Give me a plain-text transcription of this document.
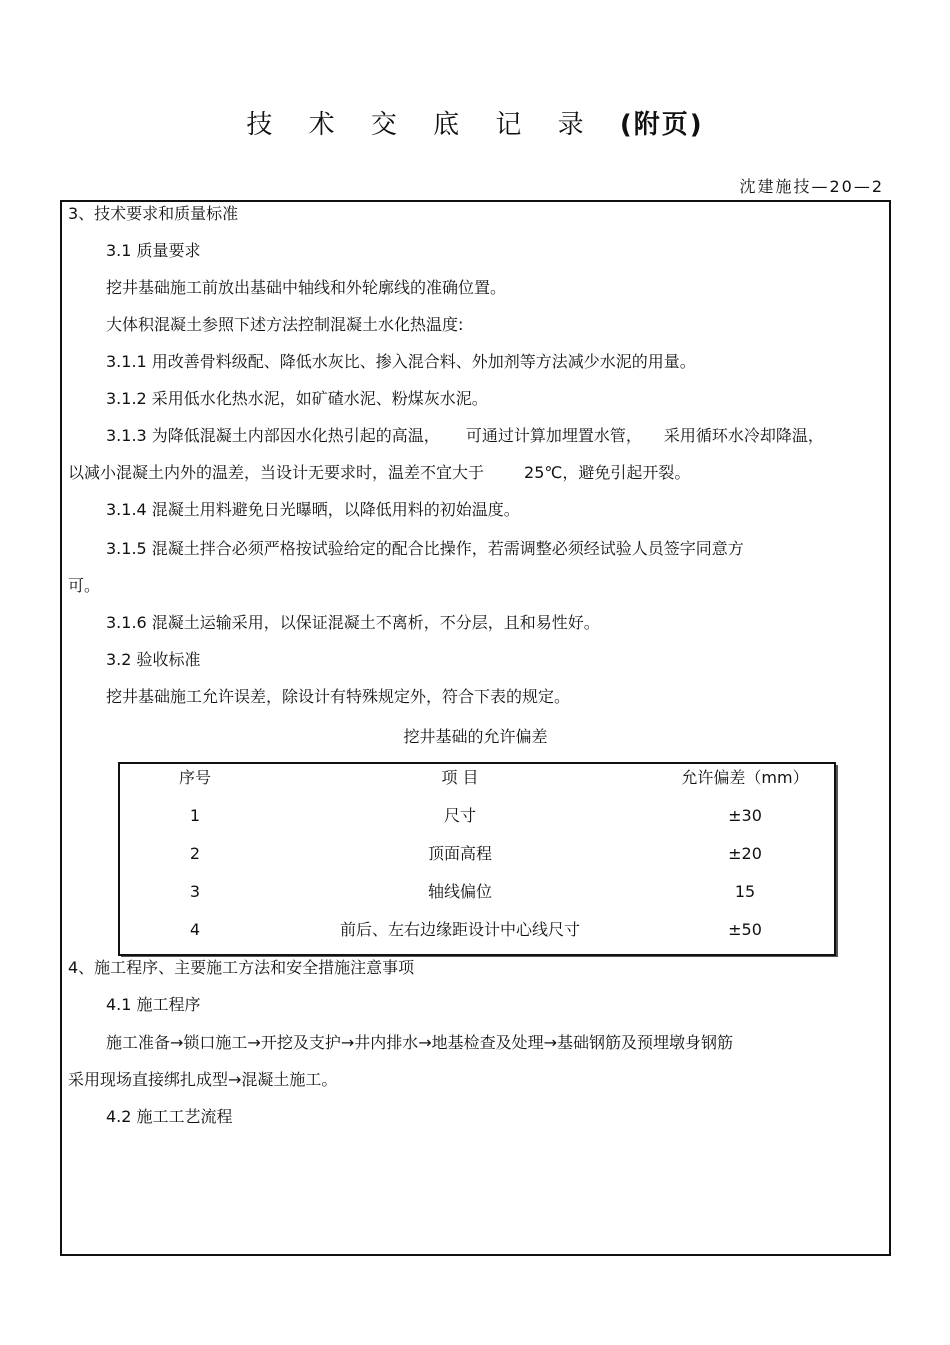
技 术 交 底 记 录 (附页)
沈建施技—20—2
3、技术要求和质量标准
3.1 质量要求
挖井基础施工前放出基础中轴线和外轮廓线的准确位置。
大体积混凝土参照下述方法控制混凝土水化热温度:
3.1.1 用改善骨料级配、降低水灰比、掺入混合料、外加剂等方法减少水泥的用量。
3.1.2 采用低水化热水泥，如矿碴水泥、粉煤灰水泥。
3.1.3 为降低混凝土内部因水化热引起的高温， 可通过计算加埋置水管， 采用循环水冷却降温，
以减小混凝土内外的温差，当设计无要求时，温差不宜大于	25℃，避免引起开裂。
3.1.4 混凝土用料避免日光曝晒，以降低用料的初始温度。
3.1.5 混凝土拌合必须严格按试验给定的配合比操作，若需调整必须经试验人员签字同意方
可。
3.1.6 混凝土运输采用，以保证混凝土不离析，不分层，且和易性好。
3.2 验收标准
挖井基础施工允许误差，除设计有特殊规定外，符合下表的规定。
挖井基础的允许偏差
序号	项 目	允许偏差（mm）
1	尺寸	±30
2	顶面高程	±20
3	轴线偏位	15
4	前后、左右边缘距设计中心线尺寸	±50
4、施工程序、主要施工方法和安全措施注意事项
4.1 施工程序
施工准备→锁口施工→开挖及支护→井内排水→地基检查及处理→基础钢筋及预埋墩身钢筋
采用现场直接绑扎成型→混凝土施工。
4.2 施工工艺流程
